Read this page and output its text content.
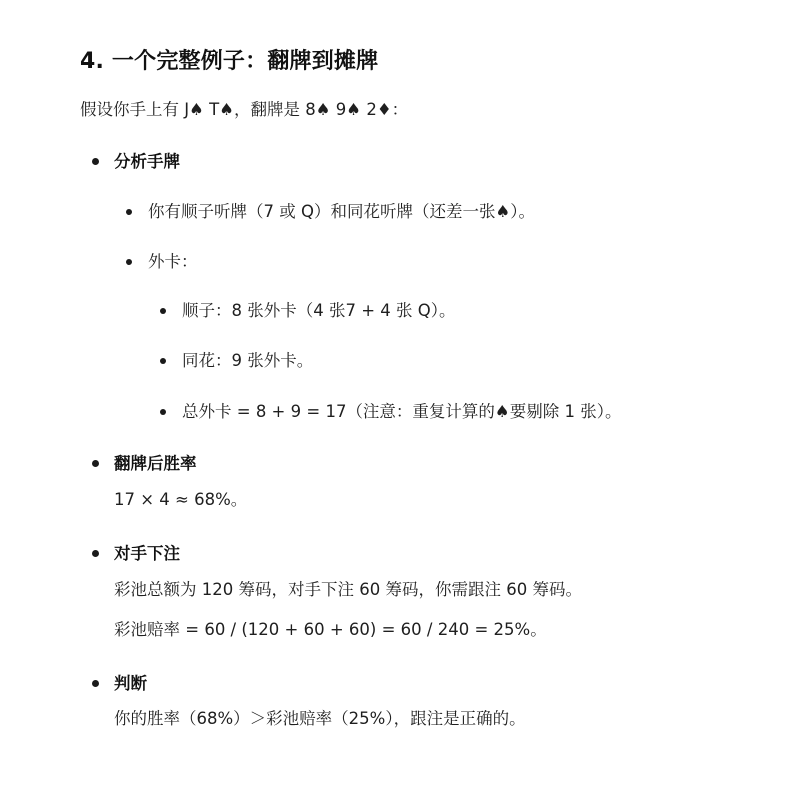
4. 一个完整例子：翻牌到摊牌

假设你手上有 J♠ T♠，翻牌是 8♠ 9♠ 2♦：

分析手牌

你有顺子听牌（7 或 Q）和同花听牌（还差一张♠）。

外卡：

顺子：8 张外卡（4 张7 + 4 张 Q）。

同花：9 张外卡。

总外卡 = 8 + 9 = 17（注意：重复计算的♠要剔除 1 张）。

翻牌后胜率

17 × 4 ≈ 68%。

对手下注

彩池总额为 120 筹码，对手下注 60 筹码，你需跟注 60 筹码。

彩池赔率 = 60 / (120 + 60 + 60) = 60 / 240 = 25%。

判断

你的胜率（68%）＞彩池赔率（25%），跟注是正确的。
